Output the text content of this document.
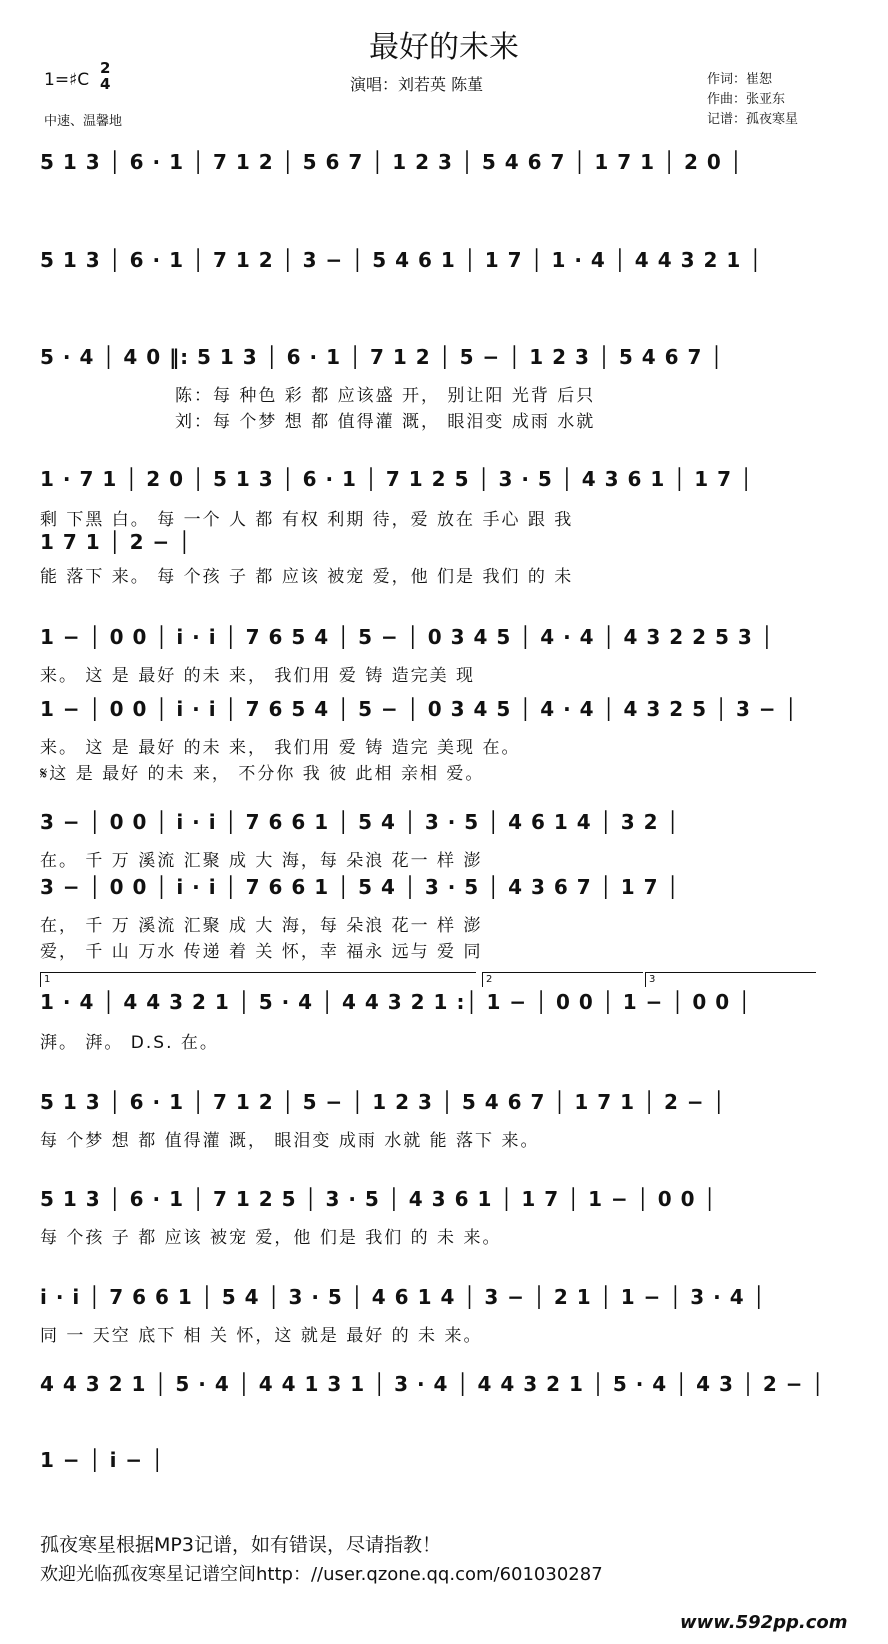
最好的未来
1=♯C
2
4
中速、温馨地
演唱：刘若英 陈堇	作词：崔恕
作曲：张亚东
记谱：孤夜寒星
5 1 3 │ 6 · 1 │ 7 1 2 │ 5 6 7 │ 1 2 3 │ 5 4 6 7 │ 1 7 1 │ 2 0 │
5 1 3 │ 6 · 1 │ 7 1 2 │ 3 − │ 5 4 6 1 │ 1 7 │ 1 · 4 │ 4 4 3 2 1 │
5 · 4 │ 4 0 ‖: 5 1 3 │ 6 · 1 │ 7 1 2 │ 5 − │ 1 2 3 │ 5 4 6 7 │
陈：每 种色 彩 都 应该盛 开， 别让阳 光背 后只
刘：每 个梦 想 都 值得灌 溉， 眼泪变 成雨 水就
1 · 7 1 │ 2 0 │ 5 1 3 │ 6 · 1 │ 7 1 2 5 │ 3 · 5 │ 4 3 6 1 │ 1 7 │
剩 下黑 白。 每 一个 人 都 有权 利期 待，爱 放在 手心 跟 我
1 7 1 │ 2 − │
能 落下 来。 每 个孩 子 都 应该 被宠 爱，他 们是 我们 的 未
1 − │ 0 0 │ i · i │ 7 6 5 4 │ 5 − │ 0 3 4 5 │ 4 · 4 │ 4 3 2 2 5 3 │
来。 这 是 最好 的未 来， 我们用 爱 铸 造完美 现
1 − │ 0 0 │ i · i │ 7 6 5 4 │ 5 − │ 0 3 4 5 │ 4 · 4 │ 4 3 2 5 │ 3 − │
来。 这 是 最好 的未 来， 我们用 爱 铸 造完 美现 在。
𝄋这 是 最好 的未 来， 不分你 我 彼 此相 亲相 爱。
3 − │ 0 0 │ i · i │ 7 6 6 1 │ 5 4 │ 3 · 5 │ 4 6 1 4 │ 3 2 │
在。 千 万 溪流 汇聚 成 大 海，每 朵浪 花一 样 澎
3 − │ 0 0 │ i · i │ 7 6 6 1 │ 5 4 │ 3 · 5 │ 4 3 6 7 │ 1 7 │
在， 千 万 溪流 汇聚 成 大 海，每 朵浪 花一 样 澎
爱， 千 山 万水 传递 着 关 怀，幸 福永 远与 爱 同
1	2	3
1 · 4 │ 4 4 3 2 1 │ 5 · 4 │ 4 4 3 2 1 :│ 1 − │ 0 0 │ 1 − │ 0 0 │
湃。 湃。 D.S. 在。
5 1 3 │ 6 · 1 │ 7 1 2 │ 5 − │ 1 2 3 │ 5 4 6 7 │ 1 7 1 │ 2 − │
每 个梦 想 都 值得灌 溉， 眼泪变 成雨 水就 能 落下 来。
5 1 3 │ 6 · 1 │ 7 1 2 5 │ 3 · 5 │ 4 3 6 1 │ 1 7 │ 1 − │ 0 0 │
每 个孩 子 都 应该 被宠 爱，他 们是 我们 的 未 来。
i · i │ 7 6 6 1 │ 5 4 │ 3 · 5 │ 4 6 1 4 │ 3 − │ 2 1 │ 1 − │ 3 · 4 │
同 一 天空 底下 相 关 怀，这 就是 最好 的 未 来。
4 4 3 2 1 │ 5 · 4 │ 4 4 1 3 1 │ 3 · 4 │ 4 4 3 2 1 │ 5 · 4 │ 4 3 │ 2 − │
1 − │ i − │
孤夜寒星根据MP3记谱，如有错误，尽请指教！
欢迎光临孤夜寒星记谱空间http：//user.qzone.qq.com/601030287
www.592pp.com
